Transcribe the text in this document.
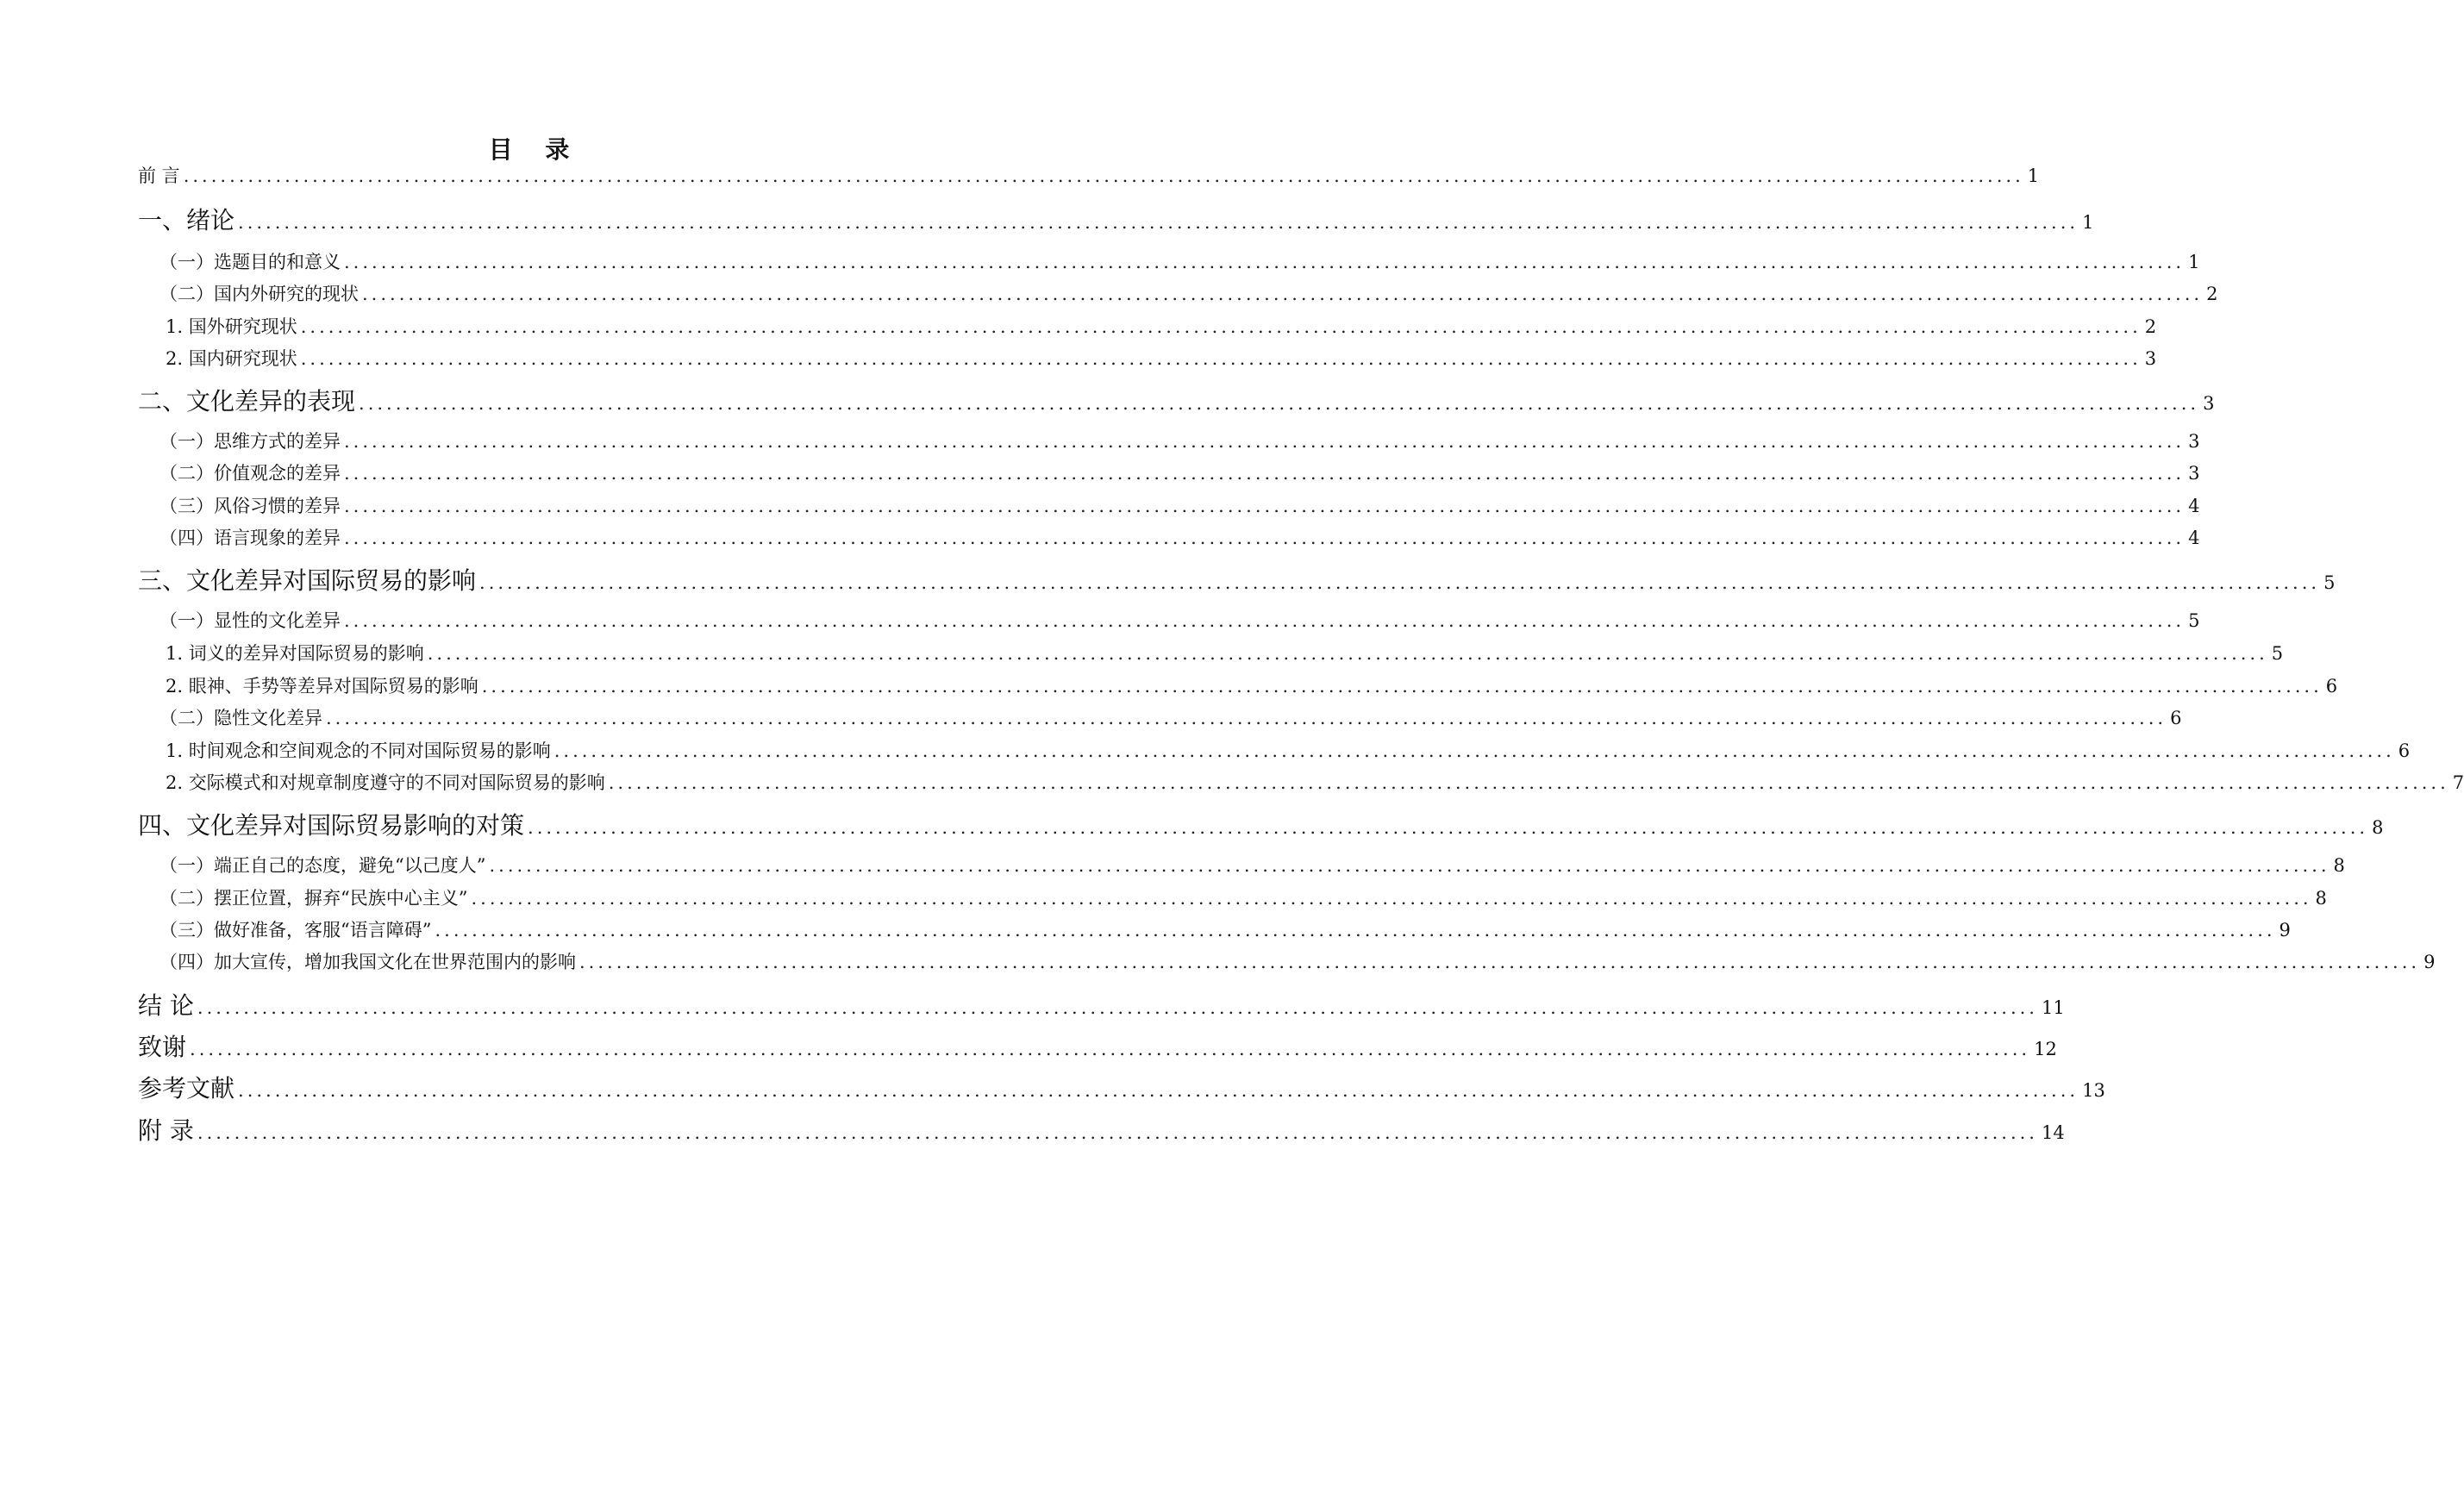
目 录
前 言 ........................................................................................................................................................................................................ 1
一、绪论 ........................................................................................................................................................................................................ 1
（一）选题目的和意义 ........................................................................................................................................................................................................ 1
（二）国内外研究的现状 ........................................................................................................................................................................................................ 2
1. 国外研究现状 ........................................................................................................................................................................................................ 2
2. 国内研究现状 ........................................................................................................................................................................................................ 3
二、文化差异的表现 ........................................................................................................................................................................................................ 3
（一）思维方式的差异 ........................................................................................................................................................................................................ 3
（二）价值观念的差异 ........................................................................................................................................................................................................ 3
（三）风俗习惯的差异 ........................................................................................................................................................................................................ 4
（四）语言现象的差异 ........................................................................................................................................................................................................ 4
三、文化差异对国际贸易的影响 ........................................................................................................................................................................................................ 5
（一）显性的文化差异 ........................................................................................................................................................................................................ 5
1. 词义的差异对国际贸易的影响 ........................................................................................................................................................................................................ 5
2. 眼神、手势等差异对国际贸易的影响 ........................................................................................................................................................................................................ 6
（二）隐性文化差异 ........................................................................................................................................................................................................ 6
1. 时间观念和空间观念的不同对国际贸易的影响 ........................................................................................................................................................................................................ 6
2. 交际模式和对规章制度遵守的不同对国际贸易的影响 ........................................................................................................................................................................................................ 7
四、文化差异对国际贸易影响的对策 ........................................................................................................................................................................................................ 8
（一）端正自己的态度，避免“以己度人” ........................................................................................................................................................................................................ 8
（二）摆正位置，摒弃“民族中心主义” ........................................................................................................................................................................................................ 8
（三）做好准备，客服“语言障碍” ........................................................................................................................................................................................................ 9
（四）加大宣传，增加我国文化在世界范围内的影响 ........................................................................................................................................................................................................ 9
结 论 ........................................................................................................................................................................................................ 11
致谢 ........................................................................................................................................................................................................ 12
参考文献 ........................................................................................................................................................................................................ 13
附 录 ........................................................................................................................................................................................................ 14
